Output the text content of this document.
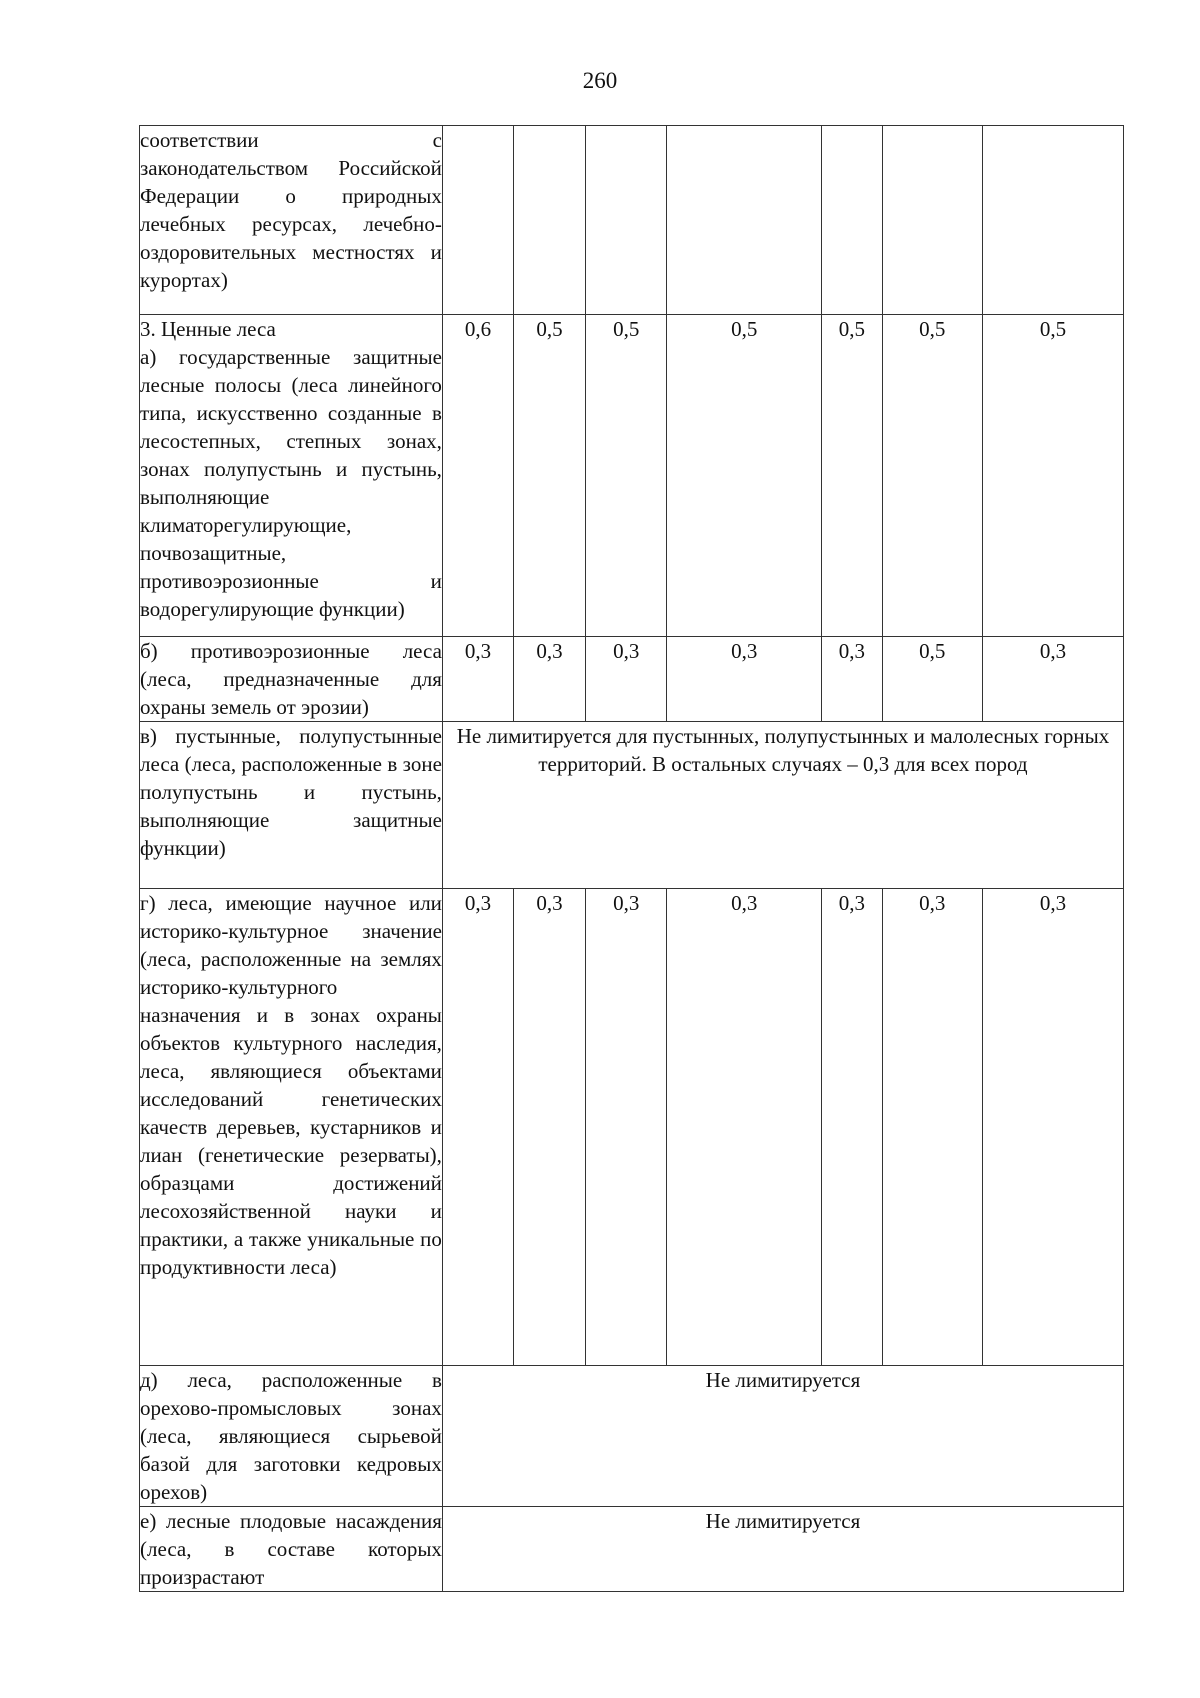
260
соответствии с законодательством Российской Федерации о природных лечебных ресурсах, лечебно-оздоровительных местностях и курортах)							

3. Ценные леса
а) государственные защитные лесные полосы (леса линейного типа, искусственно созданные в лесостепных, степных зонах, зонах полупустынь и пустынь, выполняющие климаторегулирующие, почвозащитные, противоэрозионные и водорегулирующие функции)	0,6	0,5	0,5	0,5	0,5	0,5	0,5

б) противоэрозионные леса (леса, предназначенные для охраны земель от эрозии)	0,3	0,3	0,3	0,3	0,3	0,5	0,3

в) пустынные, полупустынные леса (леса, расположенные в зоне полупустынь и пустынь, выполняющие защитные функции)	Не лимитируется для пустынных, полупустынных и малолесных горных территорий. В остальных случаях – 0,3 для всех пород						

г) леса, имеющие научное или историко-культурное значение (леса, расположенные на землях историко-культурного назначения и в зонах охраны объектов культурного наследия, леса, являющиеся объектами исследований генетических качеств деревьев, кустарников и лиан (генетические резерваты), образцами достижений лесохозяйственной науки и практики, а также уникальные по продуктивности леса)	0,3	0,3	0,3	0,3	0,3	0,3	0,3

д) леса, расположенные в орехово-промысловых зонах (леса, являющиеся сырьевой базой для заготовки кедровых орехов)	Не лимитируется						

е) лесные плодовые насаждения (леса, в составе которых произрастают	Не лимитируется						
